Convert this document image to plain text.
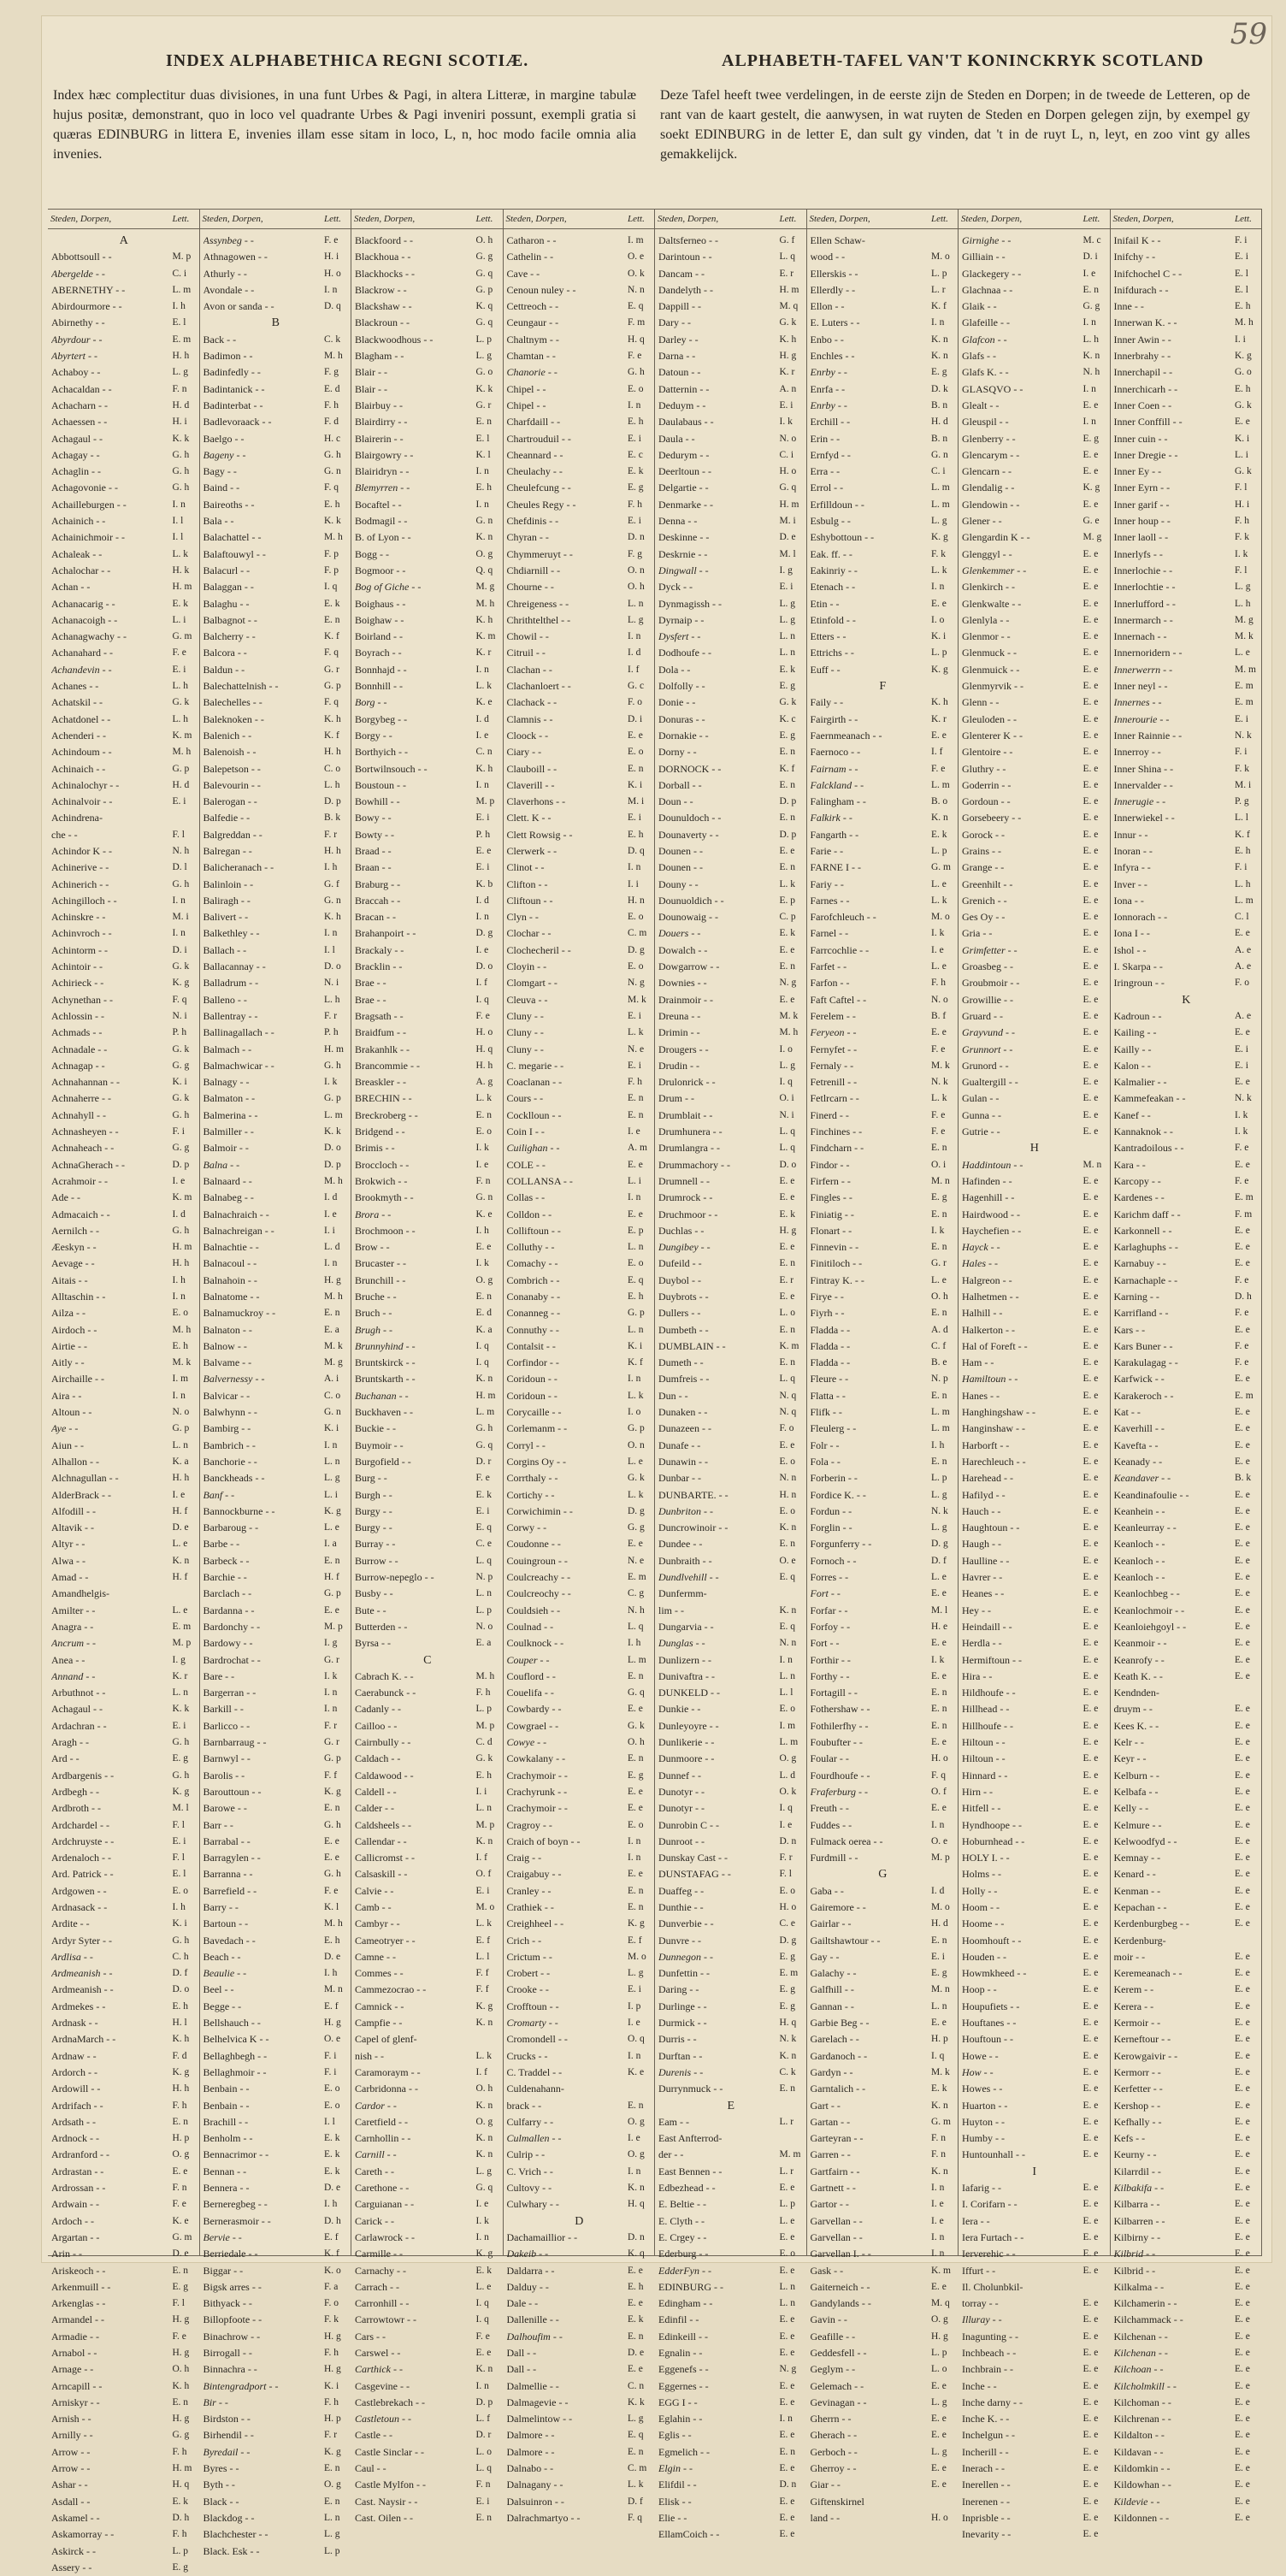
59
INDEX ALPHABETHICA REGNI SCOTIÆ.	ALPHABETH-TAFEL VAN'T KONINCKRYK SCOTLAND
Index hæc complectitur duas divisiones, in una funt Urbes & Pagi, in altera Litteræ, in margine tabulæ hujus positæ, demonstrant, quo in loco vel quadrante Urbes & Pagi inveniri possunt, exempli gratia si quæras EDINBURG in littera E, invenies illam esse sitam in loco, L, n, hoc modo facile omnia alia invenies.
Deze Tafel heeft twee verdelingen, in de eerste zijn de Steden en Dorpen; in de tweede de Letteren, op de rant van de kaart gestelt, die aanwysen, in wat ruyten de Steden en Dorpen gelegen zijn, by exempel gy soekt EDINBURG in de letter E, dan sult gy vinden, dat 't in de ruyt L, n, leyt, en zoo vint gy alles gemakkelijck.
Steden, Dorpen,	Lett.
A
Abbottsoull - -	M. p
Abergelde - -	C. i
ABERNETHY - -	L. m
Abirdourmore - -	I. h
Abirnethy - -	E. l
Abyrdour - -	E. m
Abyrtert - -	H. h
Achaboy - -	L. g
Achacaldan - -	F. n
Achacharn - -	H. d
Achaessen - -	H. i
Achagaul - -	K. k
Achagay - -	G. h
Achaglin - -	G. h
Achagovonie - -	G. h
Achailleburgen - -	I. n
Achainich - -	I. l
Achainichmoir - -	I. l
Achaleak - -	L. k
Achalochar - -	H. k
Achan - -	H. m
Achanacarig - -	E. k
Achanacoigh - -	L. i
Achanagwachy - -	G. m
Achanahard - -	F. e
Achandevin - -	E. i
Achanes - -	L. h
Achatskil - -	G. k
Achatdonel - -	L. h
Achenderi - -	K. m
Achindoum - -	M. h
Achinaich - -	G. p
Achinalochyr - -	H. d
Achinalvoir - -	E. i
Achindrena-
che - -	F. l
Achindor K - -	N. h
Achinerive - -	D. l
Achinerich - -	G. h
Achingilloch - -	I. n
Achinskre - -	M. i
Achinvroch - -	I. n
Achintorm - -	D. i
Achintoir - -	G. k
Achirieck - -	K. g
Achynethan - -	F. q
Achlossin - -	N. i
Achmads - -	P. h
Achnadale - -	G. k
Achnagap - -	G. g
Achnahannan - -	K. i
Achnaherre - -	G. k
Achnahyll - -	G. h
Achnasheyen - -	F. i
Achnaheach - -	G. g
AchnaGherach - -	D. p
Acrahmoir - -	I. e
Ade - -	K. m
Admacaich - -	I. d
Aernilch - -	G. h
Æeskyn - -	H. m
Aevage - -	H. h
Aitais - -	I. h
Alltaschin - -	I. n
Ailza - -	E. o
Airdoch - -	M. h
Airtie - -	E. h
Aitly - -	M. k
Airchaille - -	I. m
Aira - -	I. n
Altoun - -	N. o
Aye - -	G. p
Aiun - -	L. n
Alhallon - -	K. a
Alchnagullan - -	H. h
AlderBrack - -	I. e
Alfodill - -	H. f
Altavik - -	D. e
Altyr - -	L. e
Alwa - -	K. n
Amad - -	H. f
Amandhelgis-
Amilter - -	L. e
Anagra - -	E. m
Ancrum - -	M. p
Anea - -	I. g
Annand - -	K. r
Arbuthnot - -	L. n
Achagaul - -	K. k
Ardachran - -	E. i
Aragh - -	G. h
Ard - -	E. g
Ardbargenis - -	G. h
Ardbegh - -	K. g
Ardbroth - -	M. l
Ardchardel - -	F. l
Ardchruyste - -	E. i
Ardenaloch - -	F. l
Ard. Patrick - -	E. l
Ardgowen - -	E. o
Ardnasack - -	I. h
Ardite - -	K. i
Ardyr Syter - -	G. h
Ardlisa - -	C. h
Ardmeanish - -	D. f
Ardmeanish - -	D. o
Ardmekes - -	E. h
Ardnask - -	H. l
ArdnaMarch - -	K. h
Ardnaw - -	F. d
Ardorch - -	K. g
Ardowill - -	H. h
Ardrifach - -	F. h
Ardsath - -	E. n
Ardnock - -	H. p
Ardranford - -	O. g
Ardrastan - -	E. e
Ardrossan - -	F. n
Ardwain - -	F. e
Ardoch - -	K. e
Argartan - -	G. m
Arin - -	D. e
Ariskeoch - -	E. n
Arkenmuill - -	E. g
Arkenglas - -	F. l
Armandel - -	H. g
Armadie - -	F. e
Arnabol - -	H. g
Arnage - -	O. h
Arncapill - -	K. h
Arniskyr - -	E. n
Arnish - -	H. g
Arnilly - -	G. g
Arrow - -	F. h
Arrow - -	H. m
Ashar - -	H. q
Asdall - -	E. k
Askamel - -	D. h
Askamorray - -	F. h
Askirck - -	L. p
Assery - -	E. g
Steden, Dorpen,	Lett.
Assynbeg - -	F. e
Athnagowen - -	H. i
Athurly - -	H. o
Avondale - -	I. n
Avon or sanda - -	D. q
B
Back - -	C. k
Badimon - -	M. h
Badinfedly - -	F. g
Badintanick - -	E. d
Badinterbat - -	F. h
Badlevoraack - -	F. d
Baelgo - -	H. c
Bageny - -	G. h
Bagy - -	G. n
Baind - -	F. q
Baireoths - -	E. h
Bala - -	K. k
Balachattel - -	M. h
Balaftouwyl - -	F. p
Balacurl - -	F. p
Balaggan - -	I. q
Balaghu - -	E. k
Balbagnot - -	E. n
Balcherry - -	K. f
Balcora - -	F. q
Baldun - -	G. r
Balechattelnish - -	G. p
Balechelles - -	F. q
Baleknoken - -	K. h
Balenich - -	K. f
Balenoish - -	H. h
Balepetson - -	C. o
Balevourin - -	L. h
Balerogan - -	D. p
Balfedie - -	B. k
Balgreddan - -	F. r
Balregan - -	H. h
Balicheranach - -	I. h
Balinloin - -	G. f
Baliragh - -	G. n
Balivert - -	K. h
Balkethley - -	I. n
Ballach - -	I. l
Ballacannay - -	D. o
Balladrum - -	N. i
Balleno - -	L. h
Ballentray - -	F. r
Ballinagallach - -	P. h
Balmach - -	H. m
Balmachwicar - -	G. h
Balnagy - -	I. k
Balmaton - -	G. p
Balmerina - -	L. m
Balmiller - -	K. k
Balmoir - -	D. o
Balna - -	D. p
Balnaard - -	M. h
Balnabeg - -	I. d
Balnachraich - -	I. e
Balnachreigan - -	I. i
Balnachtie - -	L. d
Balnacoul - -	I. n
Balnahoin - -	H. g
Balnatome - -	M. h
Balnamuckroy - -	E. n
Balnaton - -	E. a
Balnow - -	M. k
Balvame - -	M. g
Balvernessy - -	A. i
Balvicar - -	C. o
Balwhynn - -	G. n
Bambirg - -	K. i
Bambrich - -	I. n
Banchorie - -	L. n
Banckheads - -	L. g
Banf - -	L. i
Bannockburne - -	K. g
Barbaroug - -	L. e
Barbe - -	I. a
Barbeck - -	E. n
Barchie - -	H. f
Barclach - -	G. p
Bardanna - -	E. e
Bardonchy - -	M. p
Bardowy - -	I. g
Bardrochat - -	G. r
Bare - -	I. k
Bargerran - -	I. n
Barkill - -	I. n
Barlicco - -	F. r
Barnbarraug - -	G. r
Barnwyl - -	G. p
Barolis - -	F. f
Barouttoun - -	K. g
Barowe - -	E. n
Barr - -	G. h
Barrabal - -	E. e
Barragylen - -	E. e
Barranna - -	G. h
Barrefield - -	F. e
Barry - -	K. l
Bartoun - -	M. h
Bavedach - -	E. h
Beach - -	D. e
Beaulie - -	I. h
Beel - -	M. n
Begge - -	E. f
Bellshauch - -	H. g
Belhelvica K - -	O. e
Bellaghbegh - -	F. i
Bellaghmoir - -	F. i
Benbain - -	E. o
Benbain - -	E. o
Brachill - -	I. l
Benholm - -	E. k
Bennacrimor - -	E. k
Bennan - -	E. k
Bennera - -	D. e
Berneregbeg - -	I. h
Bernerasmoir - -	D. h
Bervie - -	E. f
Berriedale - -	K. f
Biggar - -	K. o
Bigsk arres - -	F. a
Bithyack - -	F. o
Billopfoote - -	F. k
Binachrow - -	H. g
Birrogall - -	F. h
Binnachra - -	H. g
Bintengradport - -	K. i
Bir - -	F. h
Birdston - -	H. p
Birhendil - -	F. r
Byredail - -	K. g
Byres - -	E. n
Byth - -	O. g
Black - -	E. n
Blackdog - -	L. n
Blachchester - -	L. g
Black. Esk - -	L. p
Steden, Dorpen,	Lett.
Blackfoord - -	O. h
Blackhoua - -	G. g
Blackhocks - -	G. q
Blackrow - -	G. p
Blackshaw - -	K. q
Blackroun - -	G. q
Blackwoodhous - -	L. p
Blagham - -	L. g
Blair - -	G. o
Blair - -	K. k
Blairbuy - -	G. r
Blairdirry - -	E. n
Blairerin - -	E. l
Blairgowry - -	K. l
Blairidryn - -	I. n
Blemyrren - -	E. h
Bocaftel - -	I. n
Bodmagil - -	G. n
B. of Lyon - -	K. n
Bogg - -	O. g
Bogmoor - -	Q. q
Bog of Giche - -	M. g
Boighaus - -	M. h
Boighaw - -	K. h
Boirland - -	K. m
Boyrach - -	K. r
Bonnhajd - -	I. n
Bonnhill - -	L. k
Borg - -	K. e
Borgybeg - -	I. d
Borgy - -	I. e
Borthyich - -	C. n
Bortwilnsouch - -	K. h
Boustoun - -	I. n
Bowhill - -	M. p
Bowy - -	E. i
Bowty - -	P. h
Braad - -	E. e
Braan - -	E. i
Braburg - -	K. b
Braccah - -	I. d
Bracan - -	I. n
Brahanpoirt - -	D. g
Brackaly - -	I. e
Bracklin - -	D. o
Brae - -	I. f
Brae - -	I. q
Bragsath - -	F. e
Braidfum - -	H. o
Brakanhlk - -	H. q
Brancommie - -	H. h
Breaskler - -	A. g
BRECHIN - -	L. k
Breckroberg - -	E. n
Bridgend - -	E. o
Brimis - -	I. k
Broccloch - -	I. e
Brokwich - -	F. n
Brookmyth - -	G. n
Brora - -	K. e
Brochmoon - -	I. h
Brow - -	E. e
Brucaster - -	I. k
Brunchill - -	O. g
Bruche - -	E. n
Bruch - -	E. d
Brugh - -	K. a
Brunnyhind - -	I. q
Bruntskirck - -	I. q
Bruntskarth - -	K. n
Buchanan - -	H. m
Buckhaven - -	L. m
Buckie - -	G. h
Buymoir - -	G. q
Burgofield - -	D. r
Burg - -	F. e
Burgh - -	E. k
Burgy - -	E. i
Burgy - -	E. q
Burray - -	C. e
Burrow - -	L. q
Burrow-nepeglo - -	N. p
Busby - -	L. n
Bute - -	L. p
Butterden - -	N. o
Byrsa - -	E. a
C
Cabrach K. - -	M. h
Caerabunck - -	F. h
Cadanly - -	L. p
Cailloo - -	M. p
Cairnbully - -	C. d
Caldach - -	G. k
Caldawood - -	E. h
Caldell - -	I. i
Calder - -	L. n
Caldsheels - -	M. p
Callendar - -	K. n
Callicromst - -	I. f
Calsaskill - -	O. f
Calvie - -	E. i
Camb - -	M. o
Cambyr - -	L. k
Cameotryer - -	E. f
Camne - -	L. l
Commes - -	F. f
Cammezocrao - -	F. f
Camnick - -	K. g
Campfie - -	K. n
Capel of glenf-
nish - -	L. k
Caramoraym - -	I. f
Carbridonna - -	O. h
Cardor - -	K. n
Caretfield - -	O. g
Carnhollin - -	K. n
Carnill - -	K. n
Careth - -	L. g
Carethone - -	G. q
Carguianan - -	I. e
Carick - -	I. k
Carlawrock - -	I. n
Carmille - -	K. g
Carnachy - -	E. k
Carrach - -	L. e
Carronhill - -	I. q
Carrowtowr - -	I. q
Cars - -	F. e
Carswel - -	E. e
Carthick - -	K. n
Casgevine - -	I. n
Castlebrekach - -	D. p
Castletoun - -	L. f
Castle - -	D. r
Castle Sinclar - -	L. o
Caul - -	L. q
Castle Mylfon - -	F. n
Cast. Naysir - -	E. i
Cast. Oilen - -	E. n
Steden, Dorpen,	Lett.
Catharon - -	I. m
Cathelin - -	O. e
Cave - -	O. k
Cenoun nuley - -	N. n
Cettreoch - -	E. q
Ceungaur - -	F. m
Chaltnym - -	H. q
Chamtan - -	F. e
Chanorie - -	G. h
Chipel - -	E. o
Chipel - -	I. n
Charfdaill - -	E. h
Chartrouduil - -	E. i
Cheannard - -	E. c
Cheulachy - -	E. k
Cheulefcung - -	E. g
Cheules Regy - -	F. h
Chefdinis - -	E. i
Chyran - -	D. n
Chymmeruyt - -	F. g
Chdiarnill - -	O. n
Chourne - -	O. h
Chreigeness - -	L. n
Chrithtelthel - -	L. g
Chowil - -	I. n
Citruil - -	I. d
Clachan - -	I. f
Clachanloert - -	G. c
Clachack - -	F. o
Clamnis - -	D. i
Cloock - -	E. e
Ciary - -	E. o
Clauboill - -	E. n
Claverill - -	K. i
Claverhons - -	M. i
Clett. K - -	E. i
Clett Rowsig - -	E. h
Clerwerk - -	D. q
Clinot - -	I. n
Clifton - -	I. i
Cliftoun - -	H. n
Clyn - -	E. o
Clochar - -	C. m
Clochecheril - -	D. g
Cloyin - -	E. o
Clomgart - -	N. g
Cleuva - -	M. k
Cluny - -	E. i
Cluny - -	L. k
Cluny - -	N. e
C. megarie - -	E. i
Coaclanan - -	F. h
Cours - -	E. n
Cocklloun - -	E. n
Coin I - -	I. e
Cuilighan - -	A. m
COLE - -	E. e
COLLANSA - -	L. i
Collas - -	I. n
Colldon - -	E. e
Colliftoun - -	E. p
Colluthy - -	L. n
Comachy - -	E. o
Combrich - -	E. q
Conanaby - -	E. h
Conanneg - -	G. p
Connuthy - -	L. n
Contalsit - -	K. i
Corfindor - -	K. f
Coridoun - -	I. n
Coridoun - -	L. k
Corycaille - -	I. o
Corlemanm - -	G. p
Corryl - -	O. n
Corgins Oy - -	L. e
Corrthaly - -	G. k
Cortichy - -	L. k
Corwichimin - -	D. g
Corwy - -	G. g
Coudonne - -	E. e
Couingroun - -	N. e
Coulcreachy - -	E. m
Coulcreochy - -	C. g
Couldsieh - -	N. h
Coulnad - -	L. q
Coulknock - -	I. h
Couper - -	L. m
Couflord - -	E. n
Couelifa - -	G. q
Cowbardy - -	E. e
Cowgrael - -	G. k
Cowye - -	O. h
Cowkalany - -	E. n
Crachymoir - -	E. g
Crachyrunk - -	E. e
Crachymoir - -	E. e
Cragroy - -	E. o
Craich of boyn - -	I. n
Craig - -	I. n
Craigabuy - -	E. e
Cranley - -	E. n
Crathiek - -	E. n
Creighheel - -	K. g
Crich - -	E. f
Crictum - -	M. o
Crobert - -	L. g
Crooke - -	E. i
Crofftoun - -	I. p
Cromarty - -	I. e
Cromondell - -	O. q
Crucks - -	I. n
C. Traddel - -	K. e
Culdenahann-
brack - -	E. n
Culfarry - -	O. g
Culmallen - -	I. e
Culrip - -	O. g
C. Vrich - -	I. n
Cultovy - -	K. n
Culwhary - -	H. q
D
Dachamaillior - -	D. n
Dakeib - -	K. q
Daldarra - -	E. e
Dalduy - -	E. h
Dale - -	E. e
Dallenille - -	E. k
Dalhoufim - -	E. n
Dall - -	D. e
Dall - -	E. e
Dalmellie - -	C. n
Dalmagevie - -	K. k
Dalmelintow - -	L. g
Dalmore - -	E. q
Dalmore - -	E. n
Dalnabo - -	C. m
Dalnagany - -	L. k
Dalsuinron - -	D. f
Dalrachmartyo - -	F. q
Steden, Dorpen,	Lett.
Daltsferneo - -	G. f
Darintoun - -	L. q
Dancam - -	E. r
Dandelyth - -	H. m
Dappill - -	M. q
Dary - -	G. k
Darley - -	K. h
Darna - -	H. g
Datoun - -	K. r
Datternin - -	A. n
Deduym - -	E. i
Daulabaus - -	I. k
Daula - -	N. o
Dedurym - -	C. i
Deerltoun - -	H. o
Delgartie - -	G. q
Denmarke - -	H. m
Denna - -	M. i
Deskinne - -	D. e
Deskrnie - -	M. l
Dingwall - -	I. g
Dyck - -	E. i
Dynmagissh - -	L. g
Dyrnaip - -	L. g
Dysfert - -	L. n
Dodhoufe - -	L. n
Dola - -	E. k
Dolfolly - -	E. g
Donie - -	G. k
Donuras - -	K. c
Dornakie - -	E. g
Dorny - -	E. n
DORNOCK - -	K. f
Dorball - -	E. n
Doun - -	D. p
Dounuldoch - -	E. n
Dounaverty - -	D. p
Dounen - -	E. e
Dounen - -	E. n
Douny - -	L. k
Dounuoldich - -	E. p
Dounowaig - -	C. p
Douers - -	E. k
Dowalch - -	E. e
Dowgarrow - -	E. n
Downies - -	N. g
Drainmoir - -	E. e
Dreuna - -	M. k
Drimin - -	M. h
Drougers - -	I. o
Drudin - -	L. g
Drulonrick - -	I. q
Drum - -	O. i
Drumblait - -	N. i
Drumhunera - -	L. q
Drumlangra - -	L. q
Drummachory - -	D. o
Drumnell - -	E. e
Drumrock - -	E. e
Druchmoor - -	E. k
Duchlas - -	H. g
Dungibey - -	E. e
Dufeild - -	E. n
Duybol - -	E. r
Duybrots - -	E. e
Dullers - -	L. o
Dumbeth - -	E. n
DUMBLAIN - -	K. m
Dumeth - -	E. n
Dumfreis - -	L. q
Dun - -	N. q
Dunaken - -	N. q
Dunazeen - -	F. o
Dunafe - -	E. e
Dunawin - -	E. o
Dunbar - -	N. n
DUNBARTE. - -	H. n
Dunbriton - -	E. o
Duncrowinoir - -	K. n
Dundee - -	E. n
Dunbraith - -	O. e
Dundlvehill - -	E. q
Dunfermm-
lim - -	K. n
Dungarvia - -	E. q
Dunglas - -	N. n
Dunlizern - -	I. n
Dunivaftra - -	L. n
DUNKELD - -	L. l
Dunkie - -	E. o
Dunleyoyre - -	I. m
Dunlikerie - -	L. m
Dunmoore - -	O. g
Dunnef - -	L. d
Dunotyr - -	O. k
Dunotyr - -	I. q
Dunrobin C - -	I. e
Dunroot - -	D. n
Dunskay Cast - -	F. r
DUNSTAFAG - -	F. l
Duaffeg - -	E. o
Dunthie - -	H. o
Dunverbie - -	C. e
Dunvre - -	D. g
Dunnegon - -	E. g
Dunfettin - -	E. m
Daring - -	E. g
Durlinge - -	E. g
Durmick - -	H. q
Durris - -	N. k
Durftan - -	K. n
Durenis - -	C. k
Durrynmuck - -	E. n
E
Eam - -	L. r
East Anfterrod-
der - -	M. m
East Bennen - -	L. r
Edbezhead - -	E. e
E. Beltie - -	L. p
E. Clyth - -	L. e
E. Crgey - -	E. e
Ederburg - -	E. o
EdderFyn - -	E. e
EDINBURG - -	L. n
Edingham - -	L. n
Edinfil - -	E. e
Edinkeill - -	E. e
Egnalin - -	E. e
Eggenefs - -	N. g
Eggernes - -	E. e
EGG I - -	E. e
Eglahin - -	I. n
Eglis - -	E. e
Egmelich - -	E. n
Elgin - -	E. e
Elifdil - -	D. n
Elisk - -	E. e
Elie - -	E. e
EllamCoich - -	E. e
Steden, Dorpen,	Lett.
Ellen Schaw-
wood - -	M. o
Ellerskis - -	L. p
Ellerdly - -	L. r
Ellon - -	K. f
E. Luters - -	I. n
Enbo - -	K. n
Enchles - -	K. n
Enrby - -	E. g
Enrfa - -	D. k
Enrby - -	B. n
Erchill - -	H. d
Erin - -	B. n
Ernfyd - -	G. n
Erra - -	C. i
Errol - -	L. m
Erfilldoun - -	L. m
Esbulg - -	L. g
Eshybottoun - -	K. g
Eak. ff. - -	F. k
Eakinriy - -	L. k
Etenach - -	I. n
Etin - -	E. e
Etinfold - -	I. o
Etters - -	K. i
Ettrichs - -	L. p
Euff - -	K. g
F
Faily - -	K. h
Fairgirth - -	K. r
Faernmeanach - -	E. e
Faernoco - -	I. f
Fairnam - -	F. e
Falckland - -	L. m
Falingham - -	B. o
Falkirk - -	K. n
Fangarth - -	E. k
Farie - -	L. p
FARNE I - -	G. m
Fariy - -	L. e
Farnes - -	L. k
Farofchleuch - -	M. o
Farnel - -	I. k
Farrcochlie - -	I. e
Farfet - -	L. e
Farfon - -	F. h
Faft Caftel - -	N. o
Ferelem - -	B. f
Feryeon - -	E. e
Fernyfet - -	F. e
Fernaly - -	M. k
Fetrenill - -	N. k
Fetlrcarn - -	L. k
Finerd - -	F. e
Finchines - -	F. e
Findcharn - -	E. n
Findor - -	O. i
Firfern - -	M. n
Fingles - -	E. g
Finiatig - -	E. n
Flonart - -	I. k
Finnevin - -	E. n
Finitiloch - -	G. r
Fintray K. - -	L. e
Firye - -	O. h
Fiyrh - -	E. n
Fladda - -	A. d
Fladda - -	C. f
Fladda - -	B. e
Fleure - -	N. p
Flatta - -	E. n
Flifk - -	L. m
Fleulerg - -	L. m
Folr - -	I. h
Fola - -	E. n
Forberin - -	L. p
Fordice K. - -	L. g
Fordun - -	N. k
Forglin - -	L. g
Forgunferry - -	D. g
Fornoch - -	D. f
Forres - -	L. e
Fort - -	E. e
Forfar - -	M. l
Forfoy - -	H. e
Fort - -	E. e
Forthir - -	I. k
Forthy - -	E. e
Fortagill - -	E. n
Fothershaw - -	E. n
Fothilerfhy - -	E. n
Foubufter - -	E. e
Foular - -	H. o
Fourdhoufe - -	F. q
Fraferburg - -	O. f
Freuth - -	E. e
Fuddes - -	I. n
Fulmack oerea - -	O. e
Furdmill - -	M. p
G
Gaba - -	I. d
Gairemore - -	M. o
Gairlar - -	H. d
Gailtshawtour - -	E. n
Gay - -	E. i
Galachy - -	E. g
Galfhill - -	M. n
Gannan - -	L. n
Garbie Beg - -	E. e
Garelach - -	H. p
Gardanoch - -	I. q
Gardyn - -	M. k
Garntalich - -	E. k
Gart - -	K. n
Gartan - -	G. m
Garteyran - -	F. n
Garren - -	F. n
Gartfairn - -	K. n
Gartnett - -	I. n
Gartor - -	I. e
Garvellan - -	I. e
Garvellan - -	I. n
Garvellan I. - -	I. n
Gask - -	K. m
Gaiterneich - -	E. e
Gandylands - -	M. q
Gavin - -	O. g
Geafille - -	H. g
Geddesfell - -	L. p
Geglym - -	L. o
Gelemach - -	E. e
Gevinagan - -	L. g
Gherrn - -	E. e
Gherach - -	E. e
Gerboch - -	L. g
Gherroy - -	E. e
Giar - -	E. e
Giftenskirnel
land - -	H. o
Steden, Dorpen,	Lett.
Girnighe - -	M. c
Gilliain - -	D. i
Glackegery - -	I. e
Glachnaa - -	E. n
Glaik - -	G. g
Glafeille - -	I. n
Glafcon - -	L. h
Glafs - -	K. n
Glafs K. - -	N. h
GLASQVO - -	I. n
Glealt - -	E. e
Gleuspil - -	I. n
Glenberry - -	E. g
Glencarym - -	E. e
Glencarn - -	E. e
Glendalig - -	K. g
Glendowin - -	E. e
Glener - -	G. e
Glengardin K - -	M. g
Glenggyl - -	E. e
Glenkemmer - -	E. e
Glenkirch - -	E. e
Glenkwalte - -	E. e
Glenlyla - -	E. e
Glenmor - -	E. e
Glenmuck - -	E. e
Glenmuick - -	E. e
Glenmyrvik - -	E. e
Glenn - -	E. e
Gleuloden - -	E. e
Glenterer K - -	E. e
Glentoire - -	E. e
Gluthry - -	E. e
Goderrin - -	E. e
Gordoun - -	E. e
Gorsebeery - -	E. e
Gorock - -	E. e
Grains - -	E. e
Grange - -	E. e
Greenhilt - -	E. e
Grenich - -	E. e
Ges Oy - -	E. e
Gria - -	E. e
Grimfetter - -	E. e
Groasbeg - -	E. e
Groubmoir - -	E. e
Growillie - -	E. e
Gruard - -	E. e
Grayvund - -	E. e
Grunnort - -	E. e
Grunord - -	E. e
Gualtergill - -	E. e
Gulan - -	E. e
Gunna - -	E. e
Gutrie - -	E. e
H
Haddintoun - -	M. n
Hafinden - -	E. e
Hagenhill - -	E. e
Hairdwood - -	E. e
Haychefien - -	E. e
Hayck - -	E. e
Hales - -	E. e
Halgreon - -	E. e
Halhetmen - -	E. e
Halhill - -	E. e
Halkerton - -	E. e
Hal of Foreft - -	E. e
Ham - -	E. e
Hamiltoun - -	E. e
Hanes - -	E. e
Hanghingshaw - -	E. e
Hanginshaw - -	E. e
Harborft - -	E. e
Harechleuch - -	E. e
Harehead - -	E. e
Hafilyd - -	E. e
Hauch - -	E. e
Haughtoun - -	E. e
Haugh - -	E. e
Haulline - -	E. e
Havrer - -	E. e
Heanes - -	E. e
Hey - -	E. e
Heindaill - -	E. e
Herdla - -	E. e
Hermiftoun - -	E. e
Hira - -	E. e
Hildhoufe - -	E. e
Hillhead - -	E. e
Hillhoufe - -	E. e
Hiltoun - -	E. e
Hiltoun - -	E. e
Hinnard - -	E. e
Hirn - -	E. e
Hitfell - -	E. e
Hyndhoope - -	E. e
Hoburnhead - -	E. e
HOLY I. - -	E. e
Holms - -	E. e
Holly - -	E. e
Hoom - -	E. e
Hoome - -	E. e
Hoomhouft - -	E. e
Houden - -	E. e
Howmkheed - -	E. e
Hoop - -	E. e
Houpufiets - -	E. e
Houftanes - -	E. e
Houftoun - -	E. e
Howe - -	E. e
How - -	E. e
Howes - -	E. e
Huarton - -	E. e
Huyton - -	E. e
Humby - -	E. e
Huntounhall - -	E. e
I
Iafarig - -	E. e
I. Corifarn - -	E. e
Iera - -	E. e
Iera Furtach - -	E. e
Ierverehic - -	E. e
Iffurt - -	E. e
Il. Cholunbkil-
torray - -	E. e
Illuray - -	E. e
Inagunting - -	E. e
Inchbeach - -	E. e
Inchbrain - -	E. e
Inche - -	E. e
Inche darny - -	E. e
Inche K. - -	E. e
Inchelgun - -	E. e
Incherill - -	E. e
Inerach - -	E. e
Inerellen - -	E. e
Inerenen - -	E. e
Inprisble - -	E. e
Inevarity - -	E. e
Steden, Dorpen,	Lett.
Inifail K - -	F. i
Inifchy - -	E. i
Inifchochel C - -	E. l
Inifdurach - -	E. l
Inne - -	E. h
Innerwan K. - -	M. h
Inner Awin - -	I. i
Innerbrahy - -	K. g
Innerchapil - -	G. o
Innerchicarh - -	E. h
Inner Coen - -	G. k
Inner Conffill - -	E. e
Inner cuin - -	K. i
Inner Dregie - -	L. i
Inner Ey - -	G. k
Inner Eyrn - -	F. l
Inner garif - -	H. i
Inner houp - -	F. h
Inner laoll - -	F. k
Innerlyfs - -	I. k
Innerlochie - -	F. l
Innerlochtie - -	L. g
Innerlufford - -	L. h
Innermarch - -	M. g
Innernach - -	M. k
Innernoridern - -	L. e
Innerwerrn - -	M. m
Inner neyl - -	E. m
Innernes - -	E. m
Innerourie - -	E. i
Inner Rainnie - -	N. k
Innerroy - -	F. i
Inner Shina - -	F. k
Innervalder - -	M. i
Innerugie - -	P. g
Innerwiekel - -	L. l
Innur - -	K. f
Inoran - -	E. h
Infyra - -	F. i
Inver - -	L. h
Iona - -	L. m
Ionnorach - -	C. l
Iona I - -	E. e
Ishol - -	A. e
I. Skarpa - -	A. e
Iringroun - -	F. o
K
Kadroun - -	A. e
Kailing - -	E. e
Kailly - -	E. i
Kalon - -	E. i
Kalmalier - -	E. e
Kammefeakan - -	N. k
Kanef - -	I. k
Kannaknok - -	I. k
Kantradoilous - -	F. e
Kara - -	E. e
Karcopy - -	F. e
Kardenes - -	E. m
Karichm daff - -	F. m
Karkonnell - -	E. e
Karlaghuphs - -	E. e
Karnabuy - -	E. e
Karnachaple - -	F. e
Karning - -	D. h
Karrifland - -	F. e
Kars - -	E. e
Kars Buner - -	F. e
Karakulagag - -	F. e
Karfwick - -	E. e
Karakeroch - -	E. m
Kat - -	E. e
Kaverhill - -	E. e
Kavefta - -	E. e
Keanady - -	E. e
Keandaver - -	B. k
Keandinafoulie - -	E. e
Keanhein - -	E. e
Keanleurray - -	E. e
Keanloch - -	E. e
Keanloch - -	E. e
Keanloch - -	E. e
Keanlochbeg - -	E. e
Keanlochmoir - -	E. e
Keanloiehgoyl - -	E. e
Keanmoir - -	E. e
Keanrofy - -	E. e
Keath K. - -	E. e
Kendnden-
druym - -	E. e
Kees K. - -	E. e
Kelr - -	E. e
Keyr - -	E. e
Kelburn - -	E. e
Kelbafa - -	E. e
Kelly - -	E. e
Kelmure - -	E. e
Kelwoodfyd - -	E. e
Kemnay - -	E. e
Kenard - -	E. e
Kenman - -	E. e
Kepachan - -	E. e
Kerdenburgbeg - -	E. e
Kerdenburg-
moir - -	E. e
Keremeanach - -	E. e
Kerem - -	E. e
Kerera - -	E. e
Kermoir - -	E. e
Kerneftour - -	E. e
Kerowgaivir - -	E. e
Kermorr - -	E. e
Kerfetter - -	E. e
Kershop - -	E. e
Kefhally - -	E. e
Kefs - -	E. e
Keurny - -	E. e
Kilarrdil - -	E. e
Kilbakifa - -	E. e
Kilbarra - -	E. e
Kilbarren - -	E. e
Kilbirny - -	E. e
Kilbrid - -	E. e
Kilbrid - -	E. e
Kilkalma - -	E. e
Kilchamerin - -	E. e
Kilchammack - -	E. e
Kilchenan - -	E. e
Kilchenan - -	E. e
Kilchoan - -	E. e
Kilcholmkill - -	E. e
Kilchoman - -	E. e
Kilchrenan - -	E. e
Kildalton - -	E. e
Kildavan - -	E. e
Kildomkin - -	E. e
Kildowhan - -	E. e
Kildevie - -	E. e
Kildonnen - -	E. e
